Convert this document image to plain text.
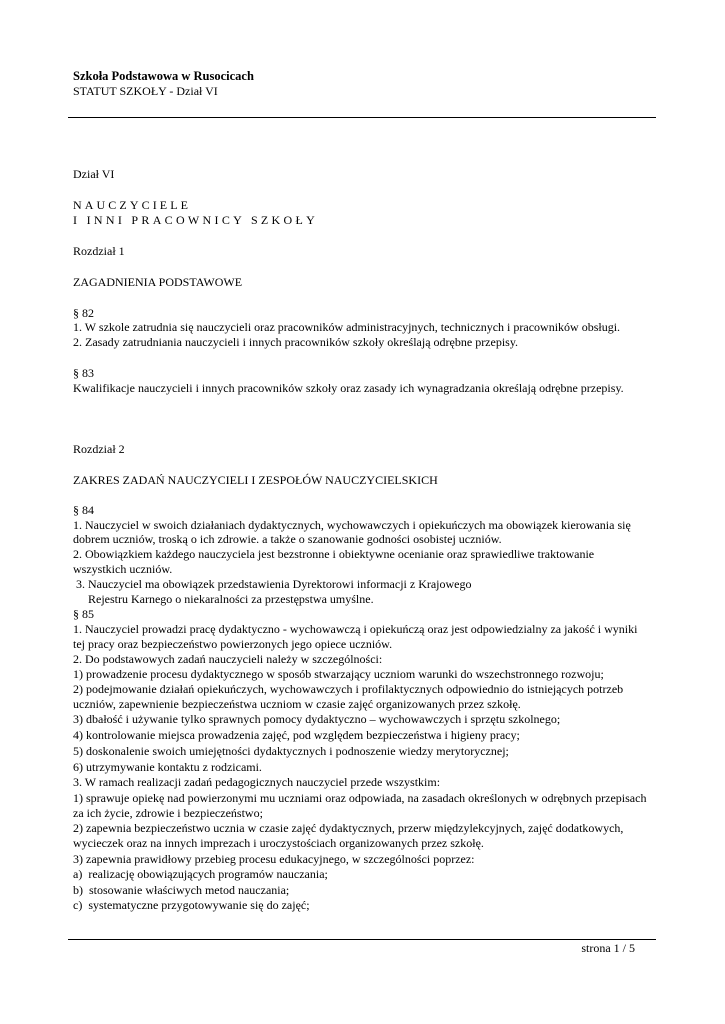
Szkoła Podstawowa w Rusocicach
STATUT SZKOŁY - Dział VI
Dział VI
NAUCZYCIELE
I INNI PRACOWNICY SZKOŁY
Rozdział 1
ZAGADNIENIA PODSTAWOWE
§ 82
1. W szkole zatrudnia się nauczycieli oraz pracowników administracyjnych, technicznych i pracowników obsługi.
2. Zasady zatrudniania nauczycieli i innych pracowników szkoły określają odrębne przepisy.
§ 83
Kwalifikacje nauczycieli i innych pracowników szkoły oraz zasady ich wynagradzania określają odrębne przepisy.
Rozdział 2
ZAKRES ZADAŃ NAUCZYCIELI I ZESPOŁÓW NAUCZYCIELSKICH
§ 84
1. Nauczyciel w swoich działaniach dydaktycznych, wychowawczych i opiekuńczych ma obowiązek kierowania się
dobrem uczniów, troską o ich zdrowie. a także o szanowanie godności osobistej uczniów.
2. Obowiązkiem każdego nauczyciela jest bezstronne i obiektywne ocenianie oraz sprawiedliwe traktowanie
wszystkich uczniów.
3. Nauczyciel ma obowiązek przedstawienia Dyrektorowi informacji z Krajowego
Rejestru Karnego o niekaralności za przestępstwa umyślne.
§ 85
1. Nauczyciel prowadzi pracę dydaktyczno - wychowawczą i opiekuńczą oraz jest odpowiedzialny za jakość i wyniki
tej pracy oraz bezpieczeństwo powierzonych jego opiece uczniów.
2. Do podstawowych zadań nauczycieli należy w szczególności:
1) prowadzenie procesu dydaktycznego w sposób stwarzający uczniom warunki do wszechstronnego rozwoju;
2) podejmowanie działań opiekuńczych, wychowawczych i profilaktycznych odpowiednio do istniejących potrzeb
uczniów, zapewnienie bezpieczeństwa uczniom w czasie zajęć organizowanych przez szkołę.
3) dbałość i używanie tylko sprawnych pomocy dydaktyczno – wychowawczych i sprzętu szkolnego;
4) kontrolowanie miejsca prowadzenia zajęć, pod względem bezpieczeństwa i higieny pracy;
5) doskonalenie swoich umiejętności dydaktycznych i podnoszenie wiedzy merytorycznej;
6) utrzymywanie kontaktu z rodzicami.
3. W ramach realizacji zadań pedagogicznych nauczyciel przede wszystkim:
1) sprawuje opiekę nad powierzonymi mu uczniami oraz odpowiada, na zasadach określonych w odrębnych przepisach
za ich życie, zdrowie i bezpieczeństwo;
2) zapewnia bezpieczeństwo ucznia w czasie zajęć dydaktycznych, przerw międzylekcyjnych, zajęć dodatkowych,
wycieczek oraz na innych imprezach i uroczystościach organizowanych przez szkołę.
3) zapewnia prawidłowy przebieg procesu edukacyjnego, w szczególności poprzez:
a)  realizację obowiązujących programów nauczania;
b)  stosowanie właściwych metod nauczania;
c)  systematyczne przygotowywanie się do zajęć;
strona 1 / 5
